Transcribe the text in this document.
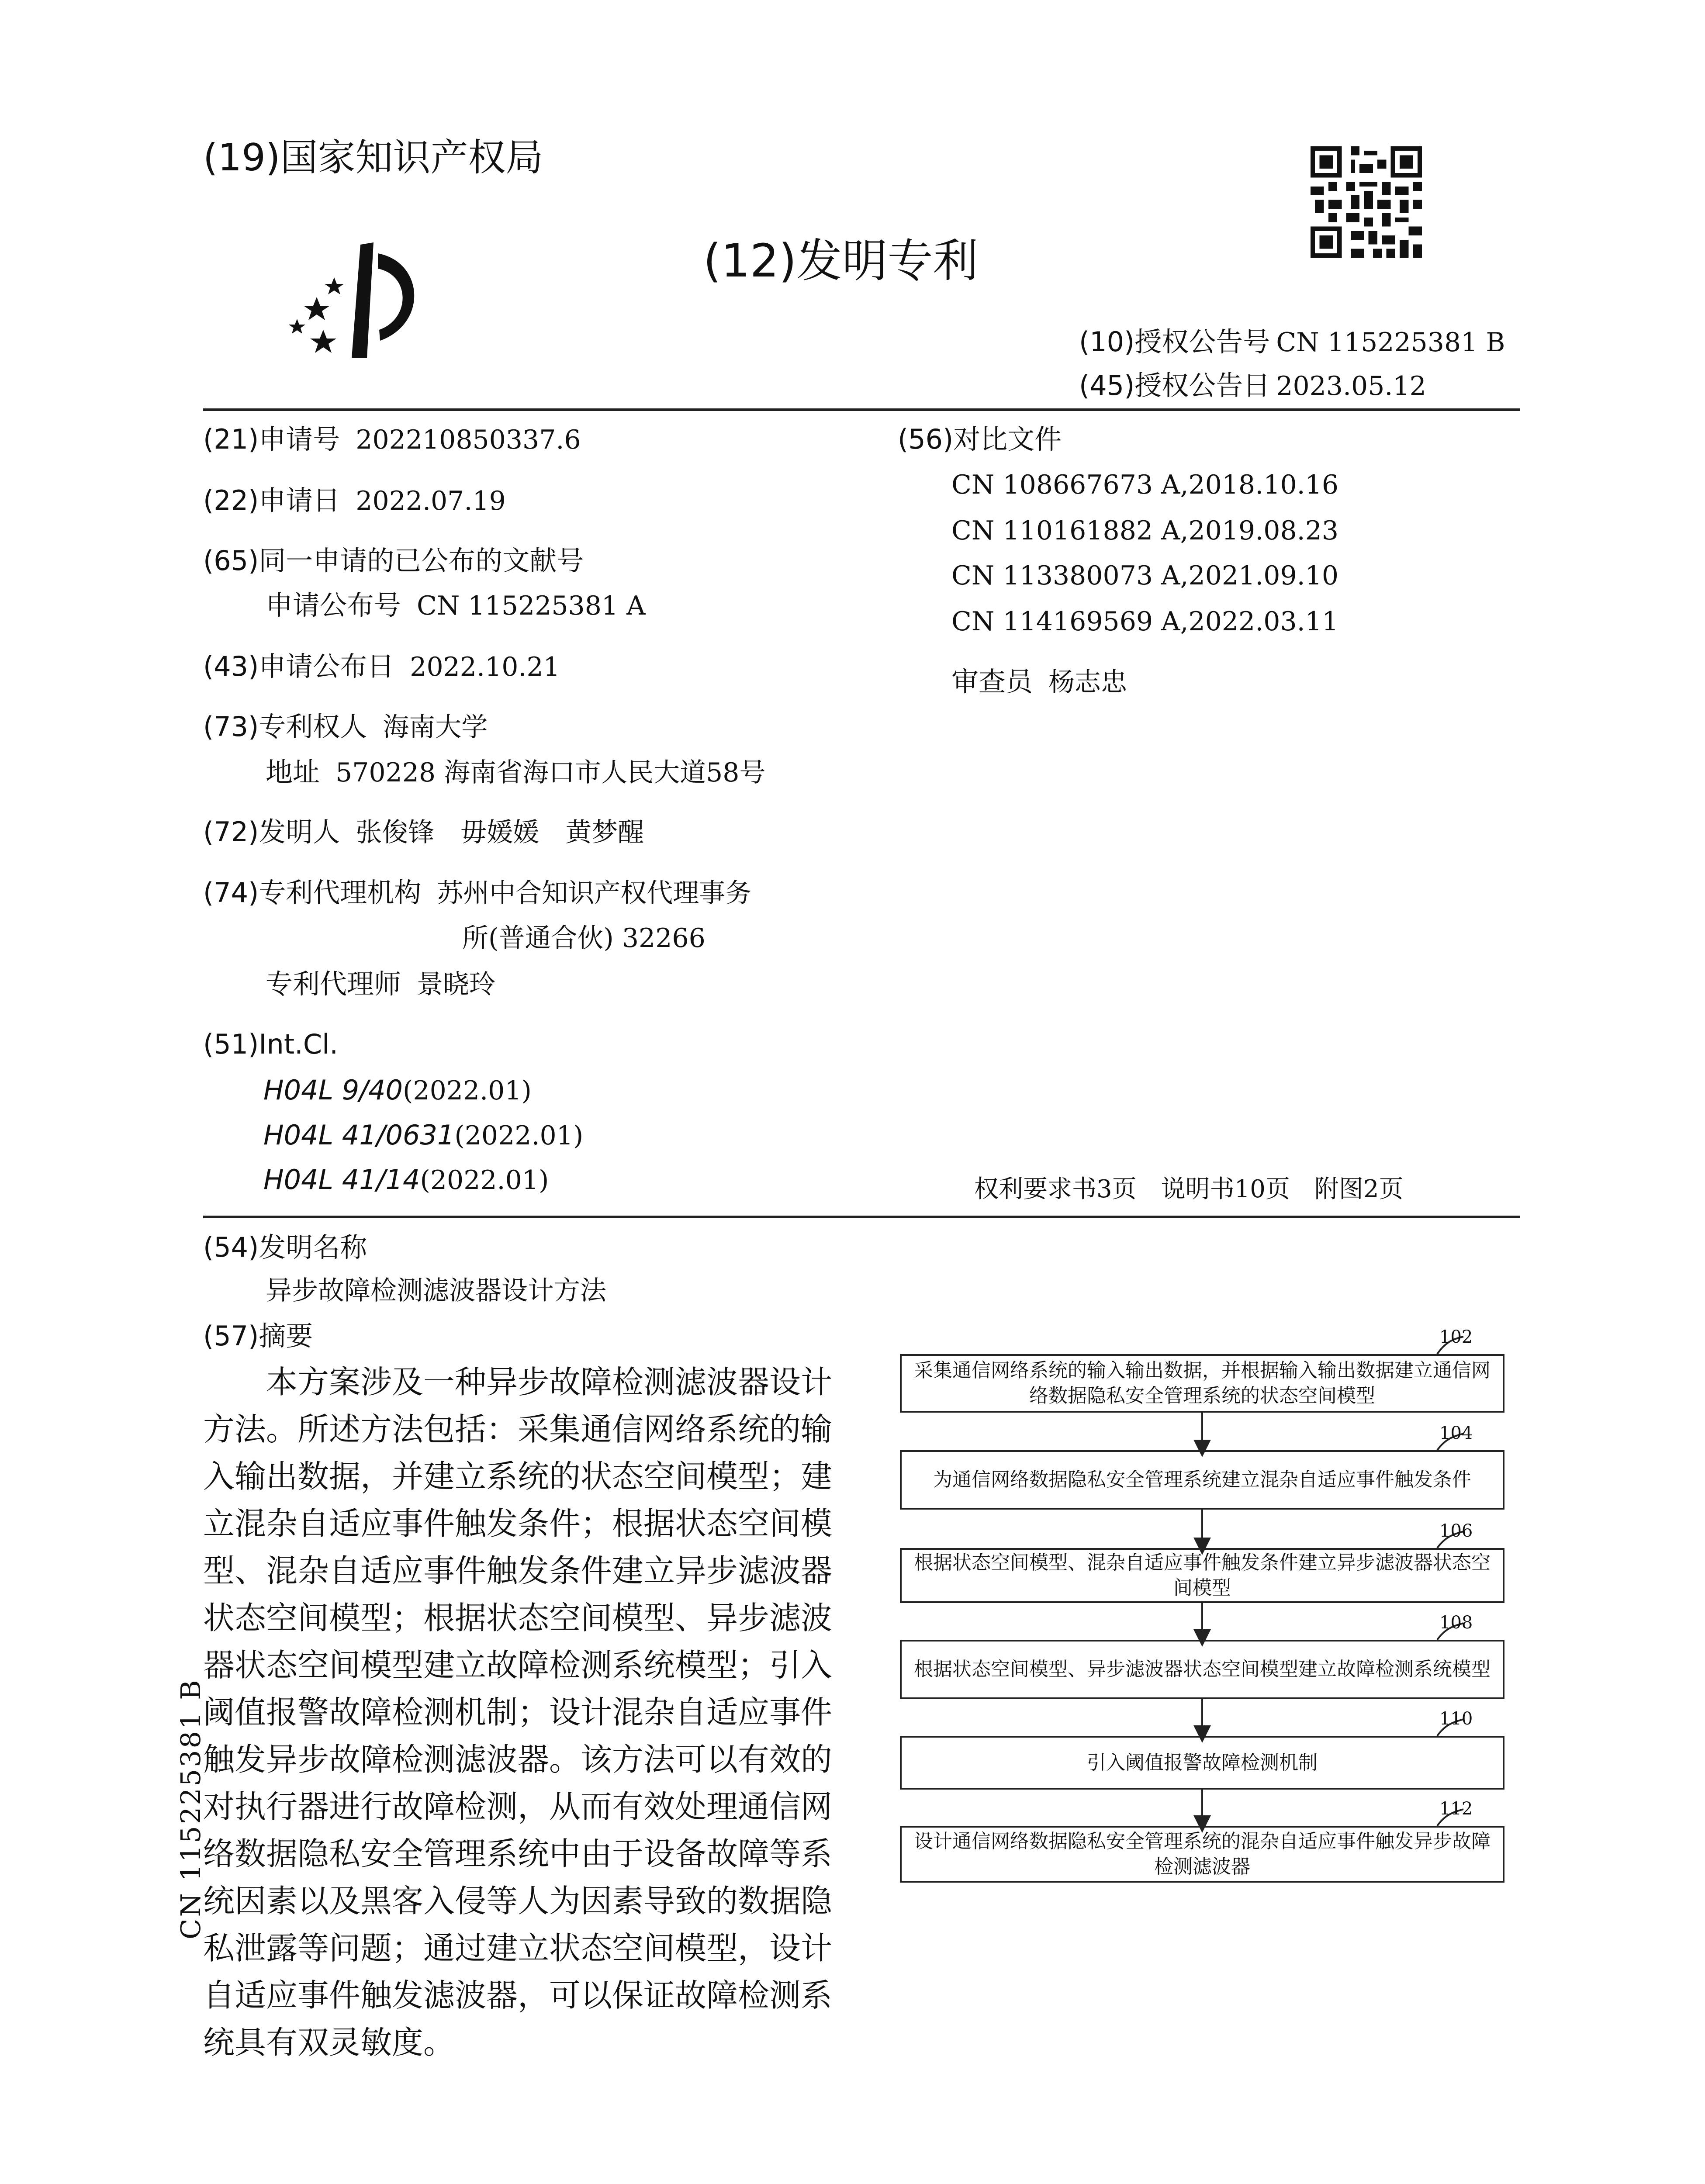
(19)国家知识产权局
(12)发明专利
(10)授权公告号 CN 115225381 B
(45)授权公告日 2023.05.12
(21)申请号 202210850337.6
(22)申请日 2022.07.19
(65)同一申请的已公布的文献号
申请公布号 CN 115225381 A
(43)申请公布日 2022.10.21
(73)专利权人 海南大学
地址 570228 海南省海口市人民大道58号
(72)发明人 张俊锋　毋媛媛　黄梦醒
(74)专利代理机构 苏州中合知识产权代理事务
所(普通合伙) 32266
专利代理师 景晓玲
(51)Int.Cl.
H04L 9/40 (2022.01)
H04L 41/0631 (2022.01)
H04L 41/14 (2022.01)
(56)对比文件
CN 108667673 A,2018.10.16
CN 110161882 A,2019.08.23
CN 113380073 A,2021.09.10
CN 114169569 A,2022.03.11
审查员 杨志忠
权利要求书3页　说明书10页　附图2页
(54)发明名称
异步故障检测滤波器设计方法
(57)摘要
本方案涉及一种异步故障检测滤波器设计方法。所述方法包括：采集通信网络系统的输入输出数据，并建立系统的状态空间模型；建立混杂自适应事件触发条件；根据状态空间模型、混杂自适应事件触发条件建立异步滤波器状态空间模型；根据状态空间模型、异步滤波器状态空间模型建立故障检测系统模型；引入阈值报警故障检测机制；设计混杂自适应事件触发异步故障检测滤波器。该方法可以有效的对执行器进行故障检测，从而有效处理通信网络数据隐私安全管理系统中由于设备故障等系统因素以及黑客入侵等人为因素导致的数据隐私泄露等问题；通过建立状态空间模型，设计自适应事件触发滤波器，可以保证故障检测系统具有双灵敏度。
CN 115225381 B
102
采集通信网络系统的输入输出数据，并根据输入输出数据建立通信网络数据隐私安全管理系统的状态空间模型
104
为通信网络数据隐私安全管理系统建立混杂自适应事件触发条件
106
根据状态空间模型、混杂自适应事件触发条件建立异步滤波器状态空间模型
108
根据状态空间模型、异步滤波器状态空间模型建立故障检测系统模型
110
引入阈值报警故障检测机制
112
设计通信网络数据隐私安全管理系统的混杂自适应事件触发异步故障检测滤波器
